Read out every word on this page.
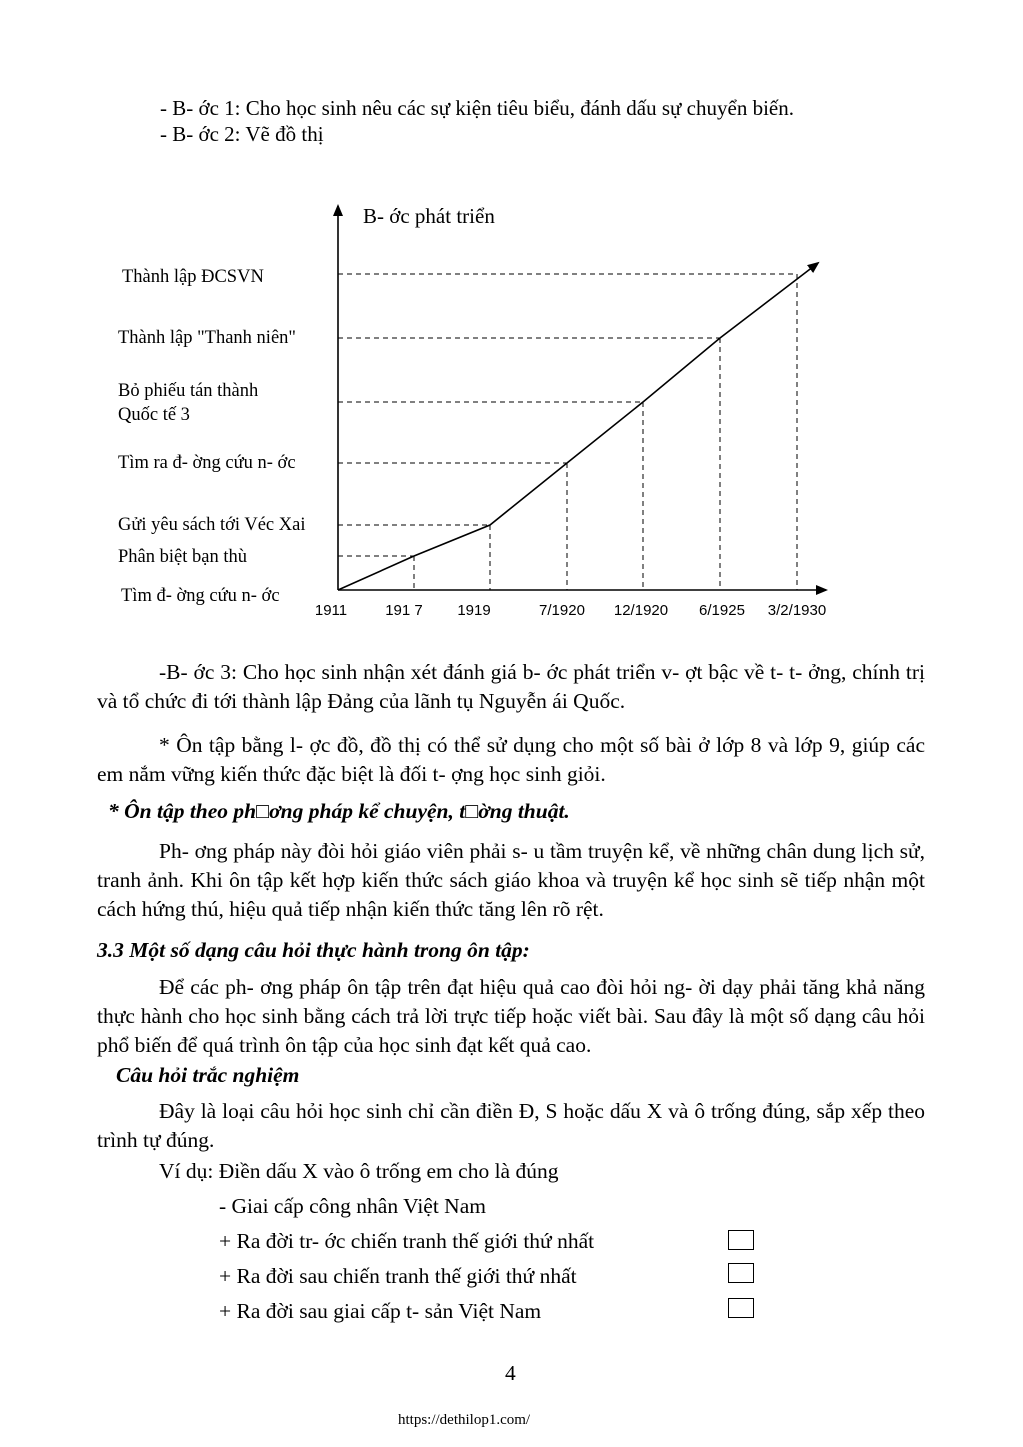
- B- ớc 1: Cho học sinh nêu các sự kiện tiêu biểu, đánh dấu sự chuyển biến.
- B- ớc 2: Vẽ đồ thị
B- ớc phát triển
Tìm đ- ờng cứu n- ớc
Phân biệt bạn thù
Gửi yêu sách tới Véc Xai
Tìm ra đ- ờng cứu n- ớc
Bỏ phiếu tán thành
Quốc tế 3
Thành lập "Thanh niên"
Thành lập ĐCSVN
1911	191 7 1919	7/1920 12/1920 6/1925 3/2/1930
-B- ớc 3: Cho học sinh nhận xét đánh giá b- ớc phát triển v- ợt bậc về t- t- ởng, chính trị và tổ chức đi tới thành lập Đảng của lãnh tụ Nguyễn ái Quốc.
* Ôn tập bằng l- ợc đồ, đồ thị có thể sử dụng cho một số bài ở lớp 8 và lớp 9, giúp các em nắm vững kiến thức đặc biệt là đối t- ợng học sinh giỏi.
* Ôn tập theo ph□ơng pháp kể chuyện, t□ờng thuật.
Ph- ơng pháp này đòi hỏi giáo viên phải s- u tầm truyện kể, về những chân dung lịch sử, tranh ảnh. Khi ôn tập kết hợp kiến thức sách giáo khoa và truyện kể học sinh sẽ tiếp nhận một cách hứng thú, hiệu quả tiếp nhận kiến thức tăng lên rõ rệt.
3.3 Một số dạng câu hỏi thực hành trong ôn tập:
Để các ph- ơng pháp ôn tập trên đạt hiệu quả cao đòi hỏi ng- ời dạy phải tăng khả năng thực hành cho học sinh bằng cách trả lời trực tiếp hoặc viết bài. Sau đây là một số dạng câu hỏi phổ biến để quá trình ôn tập của học sinh đạt kết quả cao.
Câu hỏi trắc nghiệm
Đây là loại câu hỏi học sinh chỉ cần điền Đ, S hoặc dấu X và ô trống đúng, sắp xếp theo trình tự đúng.
Ví dụ: Điền dấu X vào ô trống em cho là đúng
- Giai cấp công nhân Việt Nam
+ Ra đời tr- ớc chiến tranh thế giới thứ nhất
+ Ra đời sau chiến tranh thế giới thứ nhất
+ Ra đời sau giai cấp t- sản Việt Nam
4
https://dethilop1.com/
